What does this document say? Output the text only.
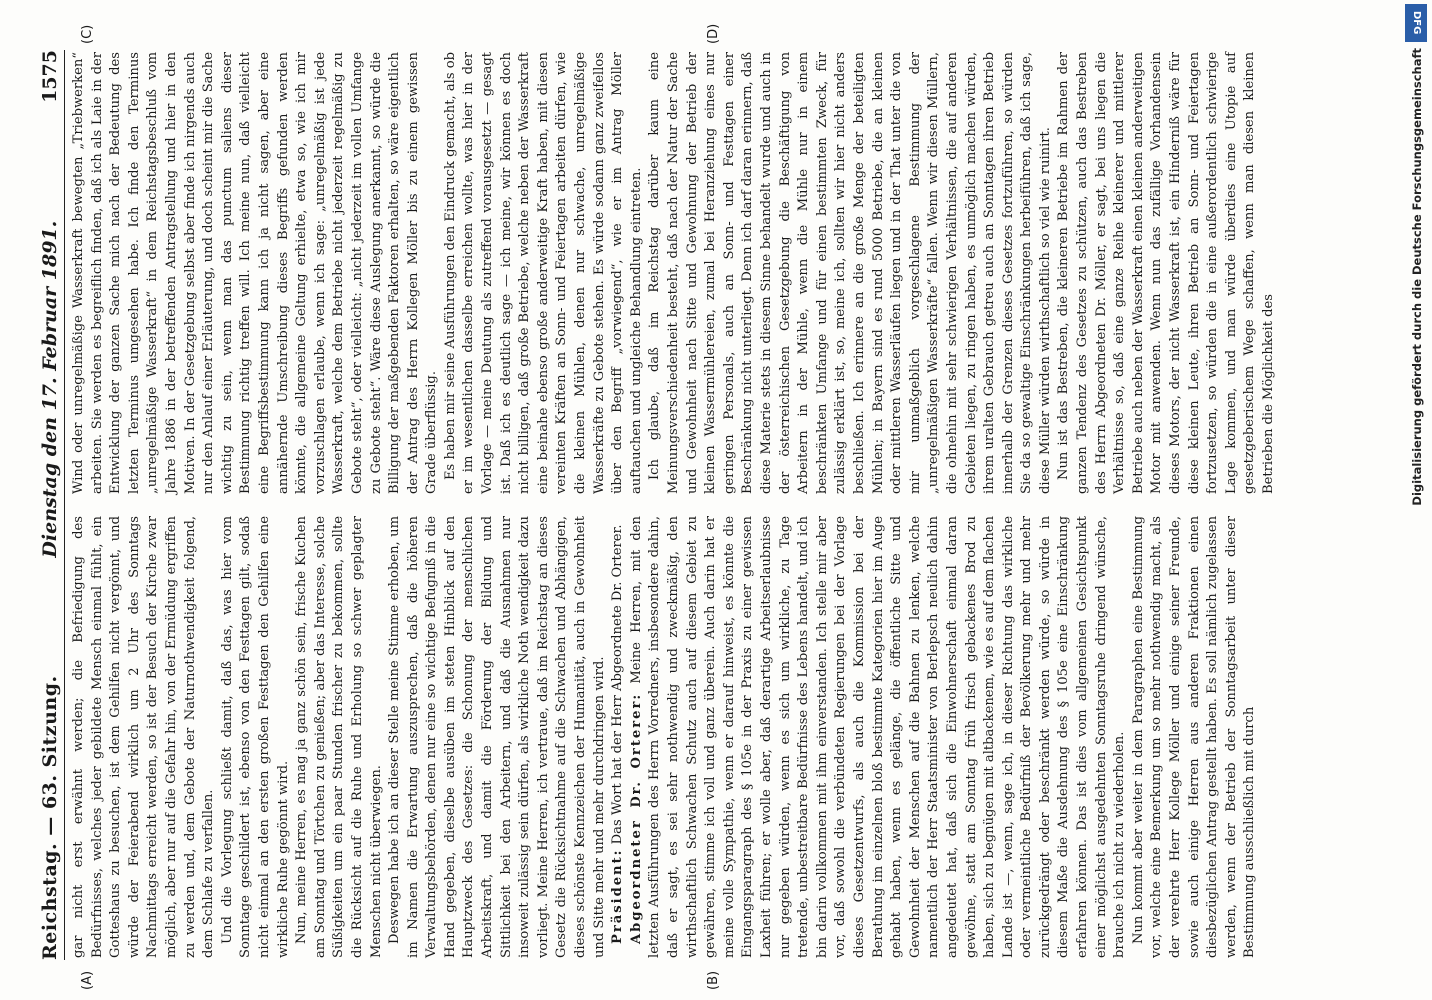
Reichstag. — 63. Sitzung.
Dienstag den 17. Februar 1891.
1575
(A)	(B)
(C)	(D)

gar nicht erst erwähnt werden; die Befriedigung des Bedürfnisses, welches jeder gebildete Mensch einmal fühlt, ein Gotteshaus zu besuchen, ist dem Gehilfen nicht vergönnt, und würde der Feierabend wirklich um 2 Uhr des Sonntags Nachmittags erreicht werden, so ist der Besuch der Kirche zwar möglich, aber nur auf die Gefahr hin, von der Ermüdung ergriffen zu werden und, dem Gebote der Naturnothwendigkeit folgend, dem Schlafe zu verfallen. Und die Vorlegung schließt damit, daß das, was hier vom Sonntage geschildert ist, ebenso von den Festtagen gilt, sodaß nicht einmal an den ersten großen Festtagen den Gehilfen eine wirkliche Ruhe gegönnt wird. Nun, meine Herren, es mag ja ganz schön sein, frische Kuchen am Sonntag und Törtchen zu genießen; aber das Interesse, solche Süßigkeiten um ein paar Stunden frischer zu bekommen, sollte die Rücksicht auf die Ruhe und Erholung so schwer geplagter Menschen nicht überwiegen. Deswegen habe ich an dieser Stelle meine Stimme erhoben, um im Namen die Erwartung auszusprechen, daß die höheren Verwaltungsbehörden, denen nur eine so wichtige Befugniß in die Hand gegeben, dieselbe ausüben im steten Hinblick auf den Hauptzweck des Gesetzes: die Schonung der menschlichen Arbeitskraft, und damit die Förderung der Bildung und Sittlichkeit bei den Arbeitern, und daß die Ausnahmen nur insoweit zulässig sein dürfen, als wirkliche Noth wendigkeit dazu vorliegt. Meine Herren, ich vertraue, daß im Reichstag an dieses Gesetz die Rücksichtnahme auf die Schwachen und Abhängigen, dieses schönste Kennzeichen der Humanität, auch in Gewohnheit und Sitte mehr und mehr durchdringen wird. Präsident: Das Wort hat der Herr Abgeordnete Dr. Orterer. Abgeordneter Dr. Orterer: Meine Herren, mit den letzten Ausführungen des Herrn Vorredners, insbesondere dahin, daß er sagt, es sei sehr nothwendig und zweckmäßig, den wirthschaftlich Schwachen Schutz auch auf diesem Gebiet zu gewähren, stimme ich voll und ganz überein. Auch darin hat er meine volle Sympathie, wenn er darauf hinweist, es könnte die Eingangsparagraph des § 105e in der Praxis zu einer gewissen Laxheit führen; er wolle aber, daß derartige Arbeitserlaubnisse nur gegeben würden, wenn es sich um wirkliche, zu Tage tretende, unbestreitbare Bedürfnisse des Lebens handelt, und ich bin darin vollkommen mit ihm einverstanden. Ich stelle mir aber vor, daß sowohl die verbündeten Regierungen bei der Vorlage dieses Gesetzentwurfs, als auch die Kommission bei der Berathung im einzelnen bloß bestimmte Kategorien hier im Auge gehabt haben, wenn es gelänge, die öffentliche Sitte und Gewohnheit der Menschen auf die Bahnen zu lenken, welche namentlich der Herr Staatsminister von Berlepsch neulich dahin angedeutet hat, daß sich die Einwohnerschaft einmal daran gewöhne, statt am Sonntag früh frisch gebackenes Brod zu haben, sich zu begnügen mit altbackenem, wie es auf dem flachen Lande ist —, wenn, sage ich, in dieser Richtung das wirkliche oder vermeintliche Bedürfniß der Bevölkerung mehr und mehr zurückgedrängt oder beschränkt werden würde, so würde in diesem Maße die Ausdehnung des § 105e eine Einschränkung erfahren können. Das ist dies vom allgemeinen Gesichtspunkt einer möglichst ausgedehnten Sonntagsruhe dringend wünsche, brauche ich nicht zu wiederholen. Nun kommt aber weiter in dem Paragraphen eine Bestimmung vor, welche eine Bemerkung um so mehr nothwendig macht, als der verehrte Herr Kollege Möller und einige seiner Freunde, sowie auch einige Herren aus anderen Fraktionen einen diesbezüglichen Antrag gestellt haben. Es soll nämlich zugelassen werden, wenn der Betrieb der Sonntagsarbeit unter dieser Bestimmung ausschließlich mit durch

Wind oder unregelmäßige Wasserkraft bewegten „Triebwerken“ arbeiten. Sie werden es begreiflich finden, daß ich als Laie in der Entwicklung der ganzen Sache mich nach der Bedeutung des letzten Terminus umgesehen habe. Ich finde den Terminus „unregelmäßige Wasserkraft“ in dem Reichstagsbeschluß vom Jahre 1886 in der betreffenden Antragstellung und hier in den Motiven. In der Gesetzgebung selbst aber finde ich nirgends auch nur den Anlauf einer Erläuterung, und doch scheint mir die Sache wichtig zu sein, wenn man das punctum saliens dieser Bestimmung richtig treffen will. Ich meine nun, daß vielleicht eine Begriffsbestimmung kann ich ja nicht sagen, aber eine annähernde Umschreibung dieses Begriffs gefunden werden könnte, die allgemeine Geltung erhielte, etwa so, wie ich mir vorzuschlagen erlaube, wenn ich sage: „unregelmäßig ist jede Wasserkraft, welche dem Betriebe nicht jederzeit regelmäßig zu Gebote steht“, oder vielleicht: „nicht jederzeit im vollen Umfange zu Gebote steht“. Wäre diese Auslegung anerkannt, so würde die Billigung der maßgebenden Faktoren erhalten, so wäre eigentlich der Antrag des Herrn Kollegen Möller bis zu einem gewissen Grade überflüssig. Es haben mir seine Ausführungen den Eindruck gemacht, als ob er im wesentlichen dasselbe erreichen wollte, was hier in der Vorlage — meine Deutung als zutreffend vorausgesetzt — gesagt ist. Daß ich es deutlich sage — ich meine, wir können es doch nicht billigen, daß große Betriebe, welche neben der Wasserkraft eine beinahe ebenso große anderweitige Kraft haben, mit diesen vereinten Kräften an Sonn- und Feiertagen arbeiten dürfen, wie die kleinen Mühlen, denen nur schwache, unregelmäßige Wasserkräfte zu Gebote stehen. Es würde sodann ganz zweifellos über den Begriff „vorwiegend“, wie er im Antrag Möller auftauchen und ungleiche Behandlung eintreten. Ich glaube, daß im Reichstag darüber kaum eine Meinungsverschiedenheit besteht, daß nach der Natur der Sache und Gewohnheit nach Sitte und Gewohnung der Betrieb der kleinen Wassermühlereien, zumal bei Heranziehung eines nur geringen Personals, auch an Sonn- und Festtagen einer Beschränkung nicht unterliegt. Denn ich darf daran erinnern, daß diese Materie stets in diesem Sinne behandelt wurde und auch in der österreichischen Gesetzgebung die Beschäftigung von Arbeitern in der Mühle, wenn die Mühle nur in einem beschränkten Umfange und für einen bestimmten Zweck, für zulässig erklärt ist, so, meine ich, sollten wir hier nicht anders beschließen. Ich erinnere an die große Menge der beteiligten Mühlen; in Bayern sind es rund 5000 Betriebe, die an kleinen oder mittleren Wasserläufen liegen und in der That unter die von mir unmaßgeblich vorgeschlagene Bestimmung der „unregelmäßigen Wasserkräfte“ fallen. Wenn wir diesen Müllern, die ohnehin mit sehr schwierigen Verhältnissen, die auf anderen Gebieten liegen, zu ringen haben, es unmöglich machen würden, ihrem uralten Gebrauch getreu auch an Sonntagen ihren Betrieb innerhalb der Grenzen dieses Gesetzes fortzuführen, so würden Sie da so gewaltige Einschränkungen herbeiführen, daß ich sage, diese Müller würden wirthschaftlich so viel wie ruinirt. Nun ist das Bestreben, die kleineren Betriebe im Rahmen der ganzen Tendenz des Gesetzes zu schützen, auch das Bestreben des Herrn Abgeordneten Dr. Möller, er sagt, bei uns liegen die Verhältnisse so, daß eine ganze Reihe kleinerer und mittlerer Betriebe auch neben der Wasserkraft einen kleinen anderweitigen Motor mit anwenden. Wenn nun das zufällige Vorhandensein dieses Motors, der nicht Wasserkraft ist, ein Hinderniß wäre für diese kleinen Leute, ihren Betrieb an Sonn- und Feiertagen fortzusetzen, so würden die in eine außerordentlich schwierige Lage kommen, und man würde überdies eine Utopie auf gesetzgeberischem Wege schaffen, wenn man diesen kleinen Betrieben die Möglichkeit des

DFG
Digitalisierung gefördert durch die Deutsche Forschungsgemeinschaft
